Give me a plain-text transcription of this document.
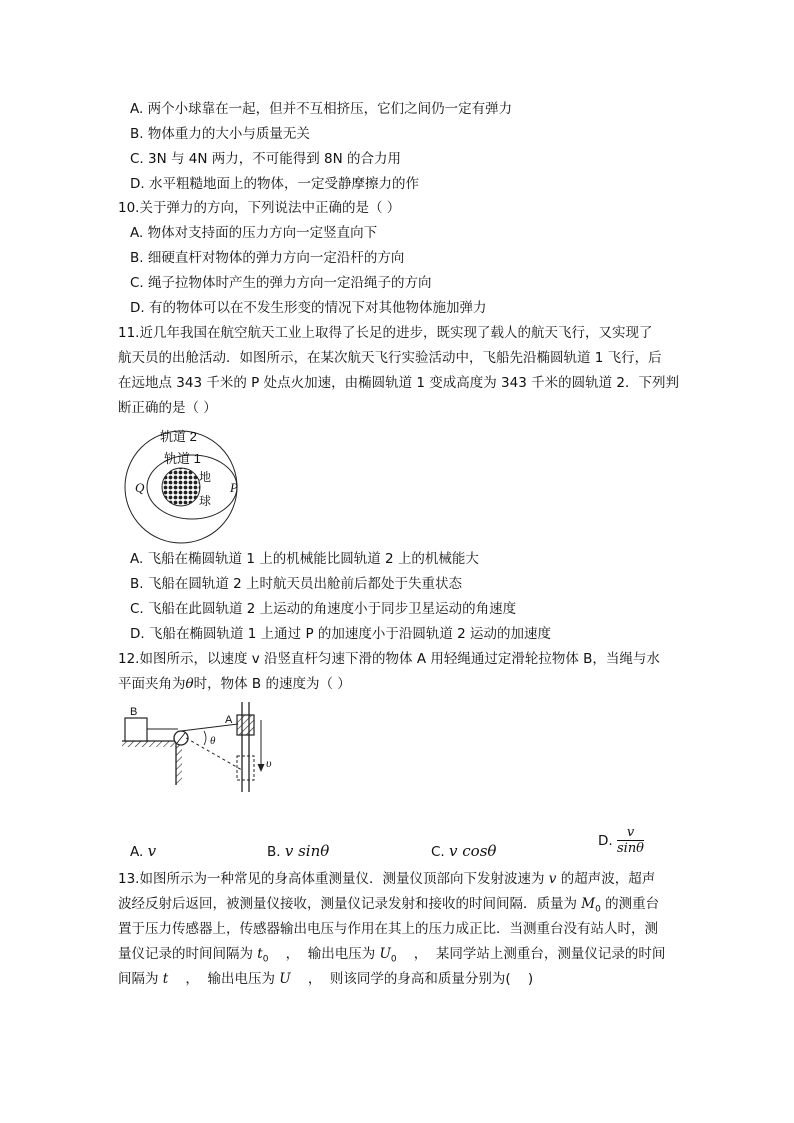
A. 两个小球靠在一起，但并不互相挤压，它们之间仍一定有弹力
B. 物体重力的大小与质量无关
C. 3N 与 4N 两力，不可能得到 8N 的合力用
D. 水平粗糙地面上的物体，一定受静摩擦力的作
10.关于弹力的方向，下列说法中正确的是（ ）
A. 物体对支持面的压力方向一定竖直向下
B. 细硬直杆对物体的弹力方向一定沿杆的方向
C. 绳子拉物体时产生的弹力方向一定沿绳子的方向
D. 有的物体可以在不发生形变的情况下对其他物体施加弹力
11.近几年我国在航空航天工业上取得了长足的进步，既实现了载人的航天飞行，又实现了
航天员的出舱活动．如图所示，在某次航天飞行实验活动中，飞船先沿椭圆轨道 1 飞行，后
在远地点 343 千米的 P 处点火加速，由椭圆轨道 1 变成高度为 343 千米的圆轨道 2．下列判
断正确的是（ ）
轨道 2
轨道 1
地
球
Q	P
A. 飞船在椭圆轨道 1 上的机械能比圆轨道 2 上的机械能大
B. 飞船在圆轨道 2 上时航天员出舱前后都处于失重状态
C. 飞船在此圆轨道 2 上运动的角速度小于同步卫星运动的角速度
D. 飞船在椭圆轨道 1 上通过 P 的加速度小于沿圆轨道 2 运动的加速度
12.如图所示，以速度 v 沿竖直杆匀速下滑的物体 A 用轻绳通过定滑轮拉物体 B，当绳与水
平面夹角为θ时，物体 B 的速度为（ ）
B
θ
A
υ
A. v	B. v sinθ	C. v cosθ
D. $\frac{v}{\sin\theta}$
13.如图所示为一种常见的身高体重测量仪．测量仪顶部向下发射波速为 v 的超声波，超声
波经反射后返回，被测量仪接收，测量仪记录发射和接收的时间间隔．质量为 $M_0$ 的测重台
置于压力传感器上，传感器输出电压与作用在其上的压力成正比．当测重台没有站人时，测
量仪记录的时间间隔为 $t_0$    ，  输出电压为 $U_0$    ，  某同学站上测重台，测量仪记录的时间
间隔为 t    ，  输出电压为 U    ，  则该同学的身高和质量分别为(    )
